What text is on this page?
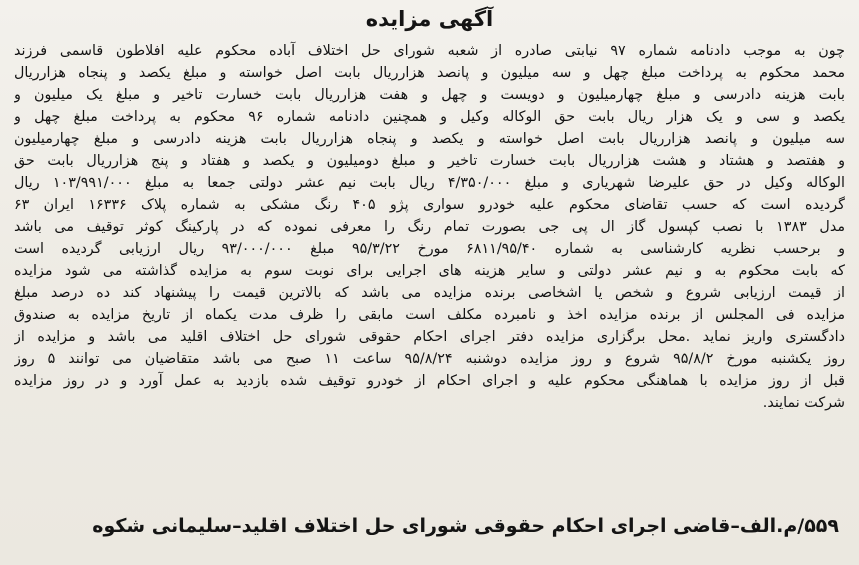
آگهی مزایده
چون به موجب دادنامه شماره ۹۷ نیابتی صادره از شعبه شورای حل اختلاف آباده محکوم علیه افلاطون قاسمی فرزند
محمد محکوم به پرداخت مبلغ چهل و سه میلیون و پانصد هزارریال بابت اصل خواسته و مبلغ یکصد و پنجاه هزارریال
بابت هزینه دادرسی و مبلغ چهارمیلیون و دویست و چهل و هفت هزارریال بابت خسارت تاخیر و مبلغ یک میلیون و
یکصد و سی و یک هزار ریال بابت حق الوکاله وکیل و همچنین دادنامه شماره ۹۶ محکوم به پرداخت مبلغ چهل و
سه میلیون و پانصد هزارریال بابت اصل خواسته و یکصد و پنجاه هزارریال بابت هزینه دادرسی و مبلغ چهارمیلیون
و هفتصد و هشتاد و هشت هزارریال بابت خسارت تاخیر و مبلغ دومیلیون و یکصد و هفتاد و پنج هزارریال بابت حق
الوکاله وکیل در حق علیرضا شهریاری و مبلغ ۴/۳۵۰/۰۰۰ ریال بابت نیم عشر دولتی جمعا به مبلغ ۱۰۳/۹۹۱/۰۰۰ ریال
گردیده است که حسب تقاضای محکوم علیه خودرو سواری پژو ۴۰۵ رنگ مشکی به شماره پلاک ۱۶۳۳۶ ایران ۶۳
مدل ۱۳۸۳ با نصب کپسول گاز ال پی جی بصورت تمام رنگ را معرفی نموده که در پارکینگ کوثر توقیف می باشد
و برحسب نظریه کارشناسی به شماره ۶۸۱۱/۹۵/۴۰ مورخ ۹۵/۳/۲۲ مبلغ ۹۳/۰۰۰/۰۰۰ ریال ارزیابی گردیده است
که بابت محکوم به و نیم عشر دولتی و سایر هزینه های اجرایی برای نوبت سوم به مزایده گذاشته می شود مزایده
از قیمت ارزیابی شروع و شخص یا اشخاصی برنده مزایده می باشد که بالاترین قیمت را پیشنهاد کند ده درصد مبلغ
مزایده فی المجلس از برنده مزایده اخذ و نامبرده مکلف است مابقی را ظرف مدت یکماه از تاریخ مزایده به صندوق
دادگستری واریز نماید .محل برگزاری مزایده دفتر اجرای احکام حقوقی شورای حل اختلاف اقلید می باشد و مزایده از
روز یکشنبه مورخ ۹۵/۸/۲ شروع و روز مزایده دوشنبه ۹۵/۸/۲۴ ساعت ۱۱ صبح می باشد متقاضیان می توانند ۵ روز
قبل از روز مزایده با هماهنگی محکوم علیه و اجرای احکام از خودرو توقیف شده بازدید به عمل آورد و در روز مزایده
شرکت نمایند.
۵۵۹/م.الف–قاضی اجرای احکام حقوقی شورای حل اختلاف اقلید–سلیمانی شکوه
